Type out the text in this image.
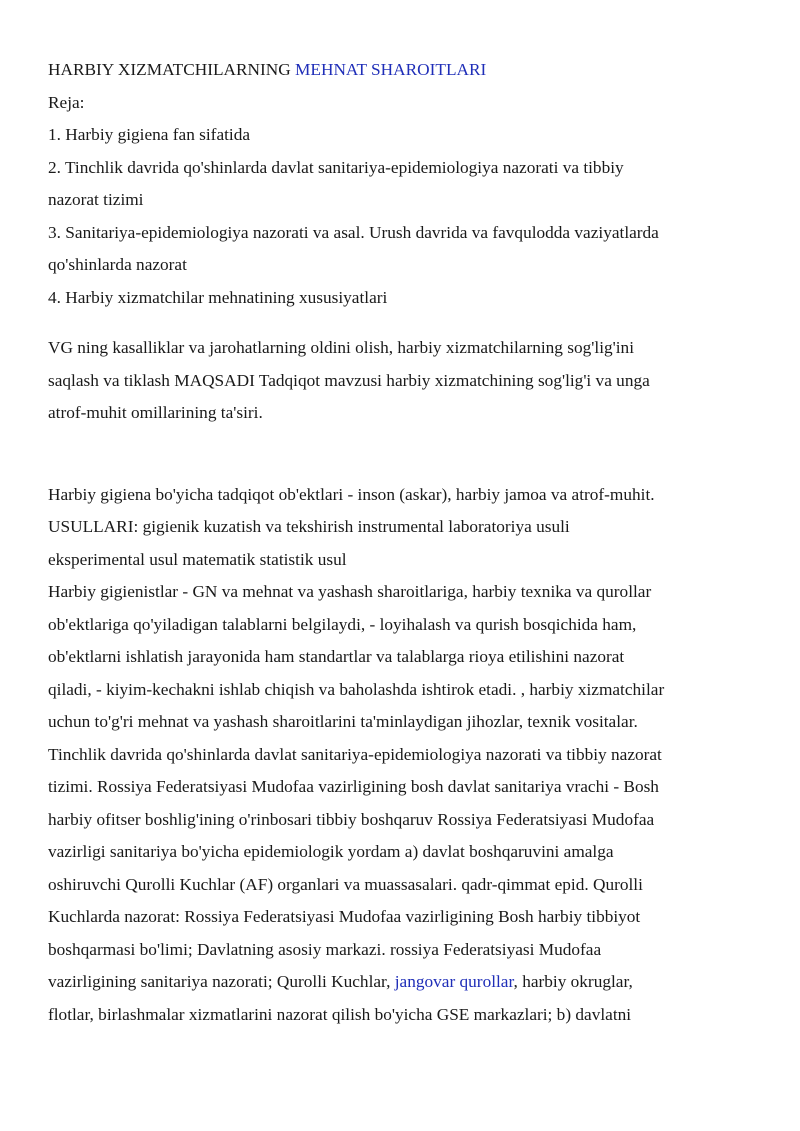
HARBIY XIZMATCHILARNING MEHNAT SHAROITLARI
Reja:
1. Harbiy gigiena fan sifatida
2. Tinchlik davrida qo'shinlarda davlat sanitariya-epidemiologiya nazorati va tibbiy
nazorat tizimi
3. Sanitariya-epidemiologiya nazorati va asal. Urush davrida va favqulodda vaziyatlarda
qo'shinlarda nazorat
4. Harbiy xizmatchilar mehnatining xususiyatlari
VG ning kasalliklar va jarohatlarning oldini olish, harbiy xizmatchilarning sog'lig'ini
saqlash va tiklash MAQSADI Tadqiqot mavzusi harbiy xizmatchining sog'lig'i va unga
atrof-muhit omillarining ta'siri.
Harbiy gigiena bo'yicha tadqiqot ob'ektlari - inson (askar), harbiy jamoa va atrof-muhit.
USULLARI: gigienik kuzatish va tekshirish instrumental laboratoriya usuli
eksperimental usul matematik statistik usul
Harbiy gigienistlar - GN va mehnat va yashash sharoitlariga, harbiy texnika va qurollar
ob'ektlariga qo'yiladigan talablarni belgilaydi, - loyihalash va qurish bosqichida ham,
ob'ektlarni ishlatish jarayonida ham standartlar va talablarga rioya etilishini nazorat
qiladi, - kiyim-kechakni ishlab chiqish va baholashda ishtirok etadi. , harbiy xizmatchilar
uchun to'g'ri mehnat va yashash sharoitlarini ta'minlaydigan jihozlar, texnik vositalar.
Tinchlik davrida qo'shinlarda davlat sanitariya-epidemiologiya nazorati va tibbiy nazorat
tizimi. Rossiya Federatsiyasi Mudofaa vazirligining bosh davlat sanitariya vrachi - Bosh
harbiy ofitser boshlig'ining o'rinbosari tibbiy boshqaruv Rossiya Federatsiyasi Mudofaa
vazirligi sanitariya bo'yicha epidemiologik yordam a) davlat boshqaruvini amalga
oshiruvchi Qurolli Kuchlar (AF) organlari va muassasalari. qadr-qimmat epid. Qurolli
Kuchlarda nazorat: Rossiya Federatsiyasi Mudofaa vazirligining Bosh harbiy tibbiyot
boshqarmasi bo'limi; Davlatning asosiy markazi. rossiya Federatsiyasi Mudofaa
vazirligining sanitariya nazorati; Qurolli Kuchlar, jangovar qurollar, harbiy okruglar,
flotlar, birlashmalar xizmatlarini nazorat qilish bo'yicha GSE markazlari; b) davlatni
